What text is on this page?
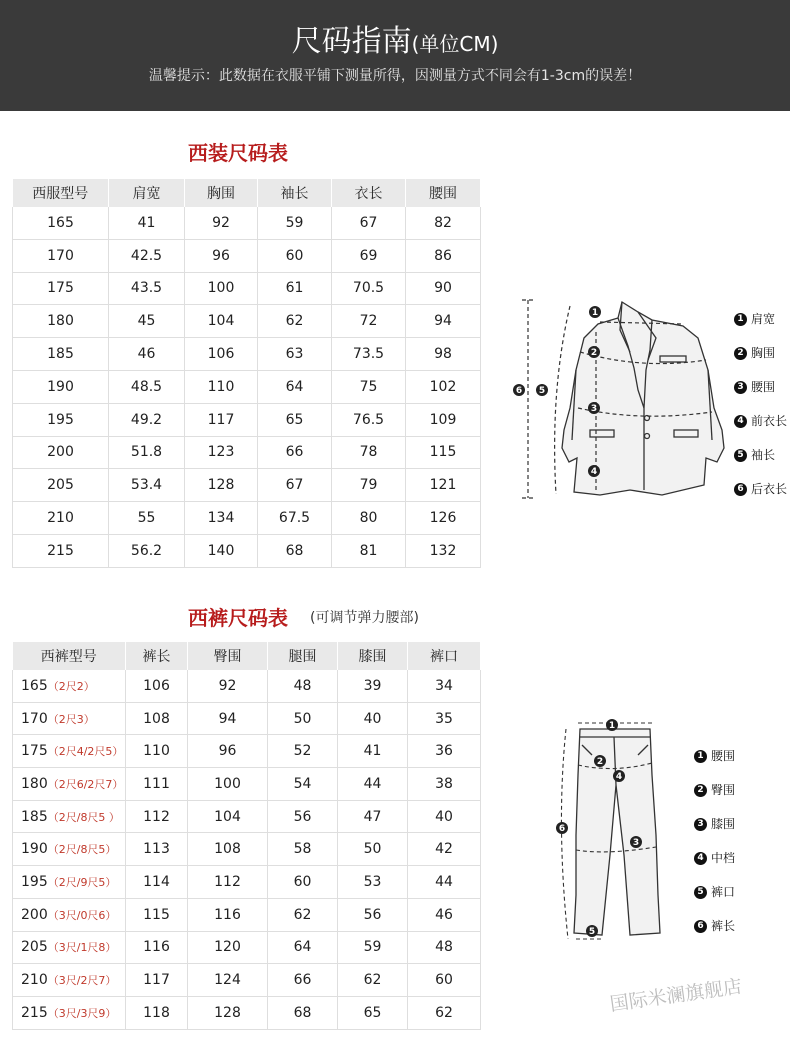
尺码指南(单位CM)
温馨提示：此数据在衣服平铺下测量所得，因测量方式不同会有1-3cm的误差！
西装尺码表
西服型号	肩宽	胸围	袖长	衣长	腰围
165	41	92	59	67	82
170	42.5	96	60	69	86
175	43.5	100	61	70.5	90
180	45	104	62	72	94
185	46	106	63	73.5	98
190	48.5	110	64	75	102
195	49.2	117	65	76.5	109
200	51.8	123	66	78	115
205	53.4	128	67	79	121
210	55	134	67.5	80	126
215	56.2	140	68	81	132
1
2
3
4
5
6
1 肩宽
2 胸围
3 腰围
4 前衣长
5 袖长
6 后衣长
西裤尺码表 (可调节弹力腰部)
西裤型号	裤长	臀围	腿围	膝围	裤口
165（2尺2）	106	92	48	39	34
170（2尺3）	108	94	50	40	35
175（2尺4/2尺5）	110	96	52	41	36
180（2尺6/2尺7）	111	100	54	44	38
185（2尺/8尺5 ）	112	104	56	47	40
190（2尺/8尺5）	113	108	58	50	42
195（2尺/9尺5）	114	112	60	53	44
200（3尺/0尺6）	115	116	62	56	46
205（3尺/1尺8）	116	120	64	59	48
210（3尺/2尺7）	117	124	66	62	60
215（3尺/3尺9）	118	128	68	65	62
1
2
3
4
5
6
1 腰围
2 臀围
3 膝围
4 中档
5 裤口
6 裤长
国际米澜旗舰店
